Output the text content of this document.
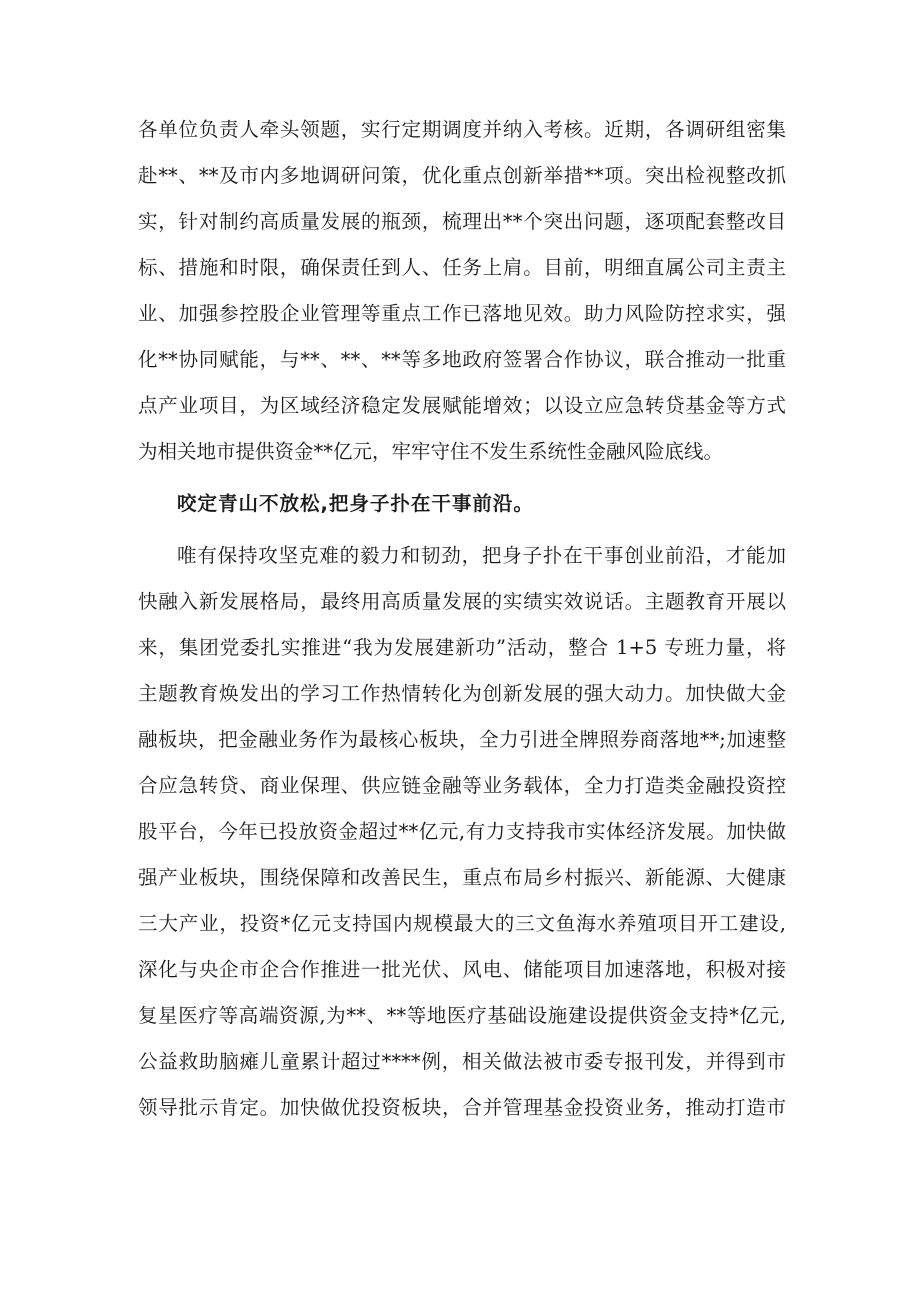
各单位负责人牵头领题，实行定期调度并纳入考核。近期，各调研组密集
赴**、**及市内多地调研问策，优化重点创新举措**项。突出检视整改抓
实，针对制约高质量发展的瓶颈，梳理出**个突出问题，逐项配套整改目
标、措施和时限，确保责任到人、任务上肩。目前，明细直属公司主责主
业、加强参控股企业管理等重点工作已落地见效。助力风险防控求实，强
化**协同赋能，与**、**、**等多地政府签署合作协议，联合推动一批重
点产业项目，为区域经济稳定发展赋能增效；以设立应急转贷基金等方式
为相关地市提供资金**亿元，牢牢守住不发生系统性金融风险底线。
咬定青山不放松,把身子扑在干事前沿。
唯有保持攻坚克难的毅力和韧劲，把身子扑在干事创业前沿，才能加
快融入新发展格局，最终用高质量发展的实绩实效说话。主题教育开展以
来，集团党委扎实推进“我为发展建新功”活动，整合 1+5 专班力量，将
主题教育焕发出的学习工作热情转化为创新发展的强大动力。加快做大金
融板块，把金融业务作为最核心板块，全力引进全牌照券商落地**;加速整
合应急转贷、商业保理、供应链金融等业务载体，全力打造类金融投资控
股平台，今年已投放资金超过**亿元,有力支持我市实体经济发展。加快做
强产业板块，围绕保障和改善民生，重点布局乡村振兴、新能源、大健康
三大产业，投资*亿元支持国内规模最大的三文鱼海水养殖项目开工建设,
深化与央企市企合作推进一批光伏、风电、储能项目加速落地，积极对接
复星医疗等高端资源,为**、**等地医疗基础设施建设提供资金支持*亿元,
公益救助脑瘫儿童累计超过****例，相关做法被市委专报刊发，并得到市
领导批示肯定。加快做优投资板块，合并管理基金投资业务，推动打造市
